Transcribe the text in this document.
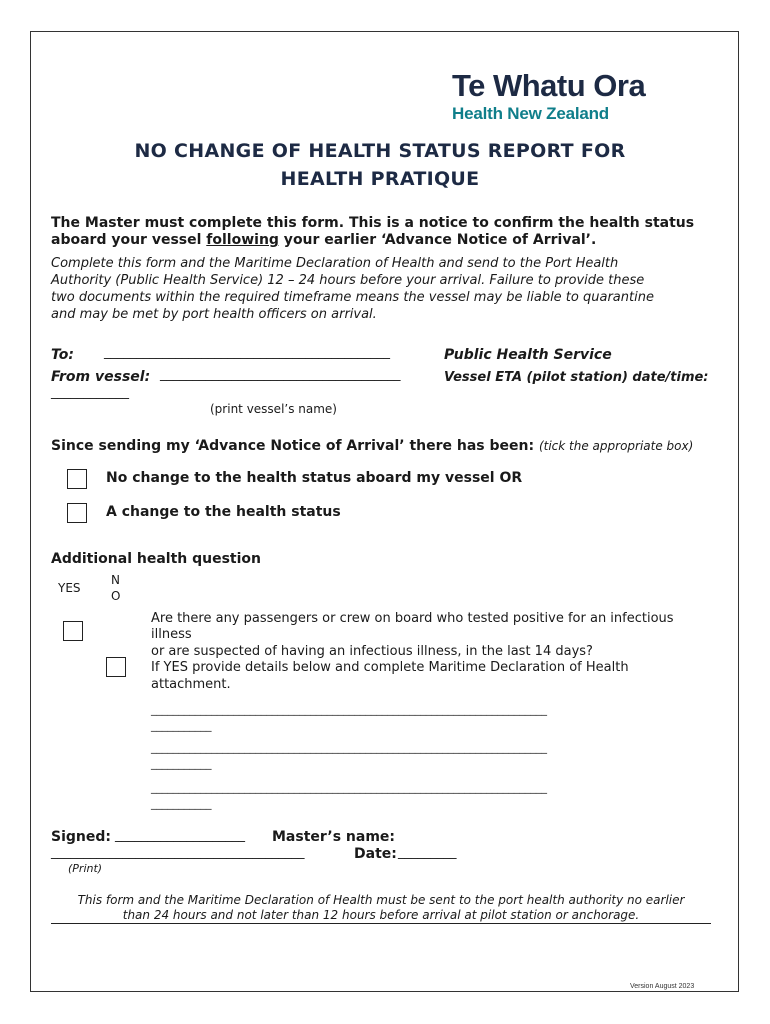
Te Whatu Ora
Health New Zealand
NO CHANGE OF HEALTH STATUS REPORT FOR
HEALTH PRATIQUE
The Master must complete this form. This is a notice to confirm the health status
aboard your vessel following your earlier ‘Advance Notice of Arrival’.
Complete this form and the Maritime Declaration of Health and send to the Port Health
Authority (Public Health Service) 12 – 24 hours before your arrival. Failure to provide these
two documents within the required timeframe means the vessel may be liable to quarantine
and may be met by port health officers on arrival.
To: ____________________________________________	Public Health Service
From vessel: _____________________________________	Vessel ETA (pilot station) date/time:
____________
(print vessel’s name)
Since sending my ‘Advance Notice of Arrival’ there has been: (tick the appropriate box)
No change to the health status aboard my vessel OR
A change to the health status
Additional health question
YES
N
O
Are there any passengers or crew on board who tested positive for an infectious
illness
or are suspected of having an infectious illness, in the last 14 days?
If YES provide details below and complete Maritime Declaration of Health
attachment.
________________________________________________________________________
___________
________________________________________________________________________
___________
________________________________________________________________________
___________
Signed: ____________________ Master’s name:
_______________________________________	Date: _________
(Print)
This form and the Maritime Declaration of Health must be sent to the port health authority no earlier
than 24 hours and not later than 12 hours before arrival at pilot station or anchorage.
Version August 2023
